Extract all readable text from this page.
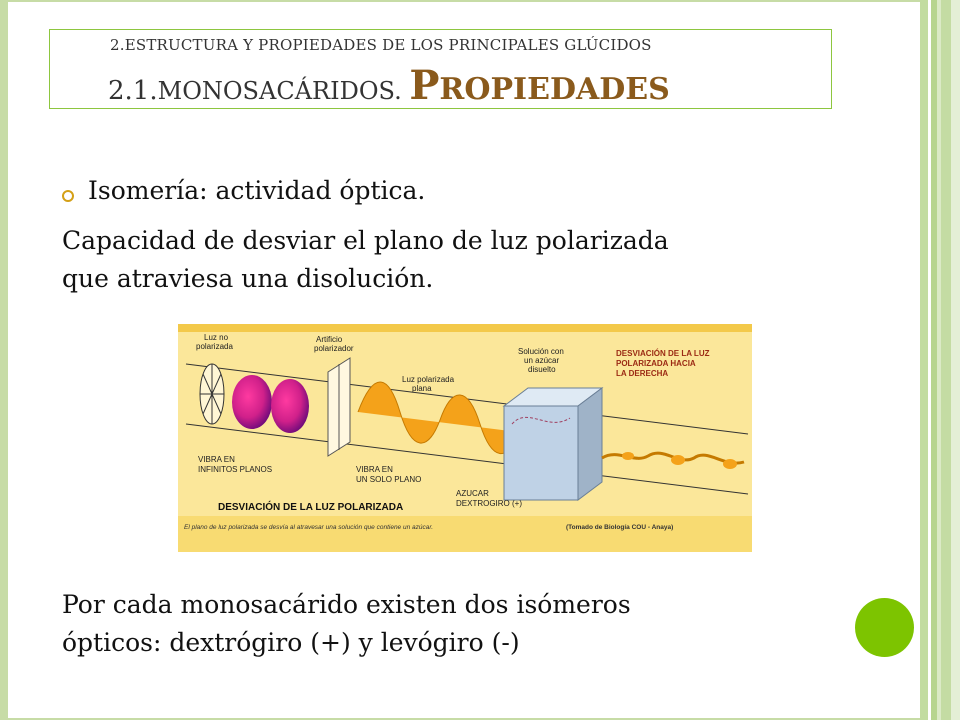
2.ESTRUCTURA Y PROPIEDADES DE LOS PRINCIPALES GLÚCIDOS
2.1.MONOSACÁRIDOS. PROPIEDADES
Isomería: actividad óptica.
Capacidad de desviar el plano de luz polarizada
que atraviesa una disolución.
Luz no
polarizada
Artificio
polarizador
Luz polarizada
plana
Solución con
un azúcar
disuelto
DESVIACIÓN DE LA LUZ
POLARIZADA HACIA
LA DERECHA
VIBRA EN
INFINITOS PLANOS	VIBRA EN
UN SOLO PLANO
AZUCAR
DEXTROGIRO (+)
DESVIACIÓN DE LA LUZ POLARIZADA
El plano de luz polarizada se desvía al atravesar una solución que contiene un azúcar.	(Tomado de Biología COU - Anaya)
Por cada monosacárido existen dos isómeros
ópticos: dextrógiro (+) y levógiro (-)
